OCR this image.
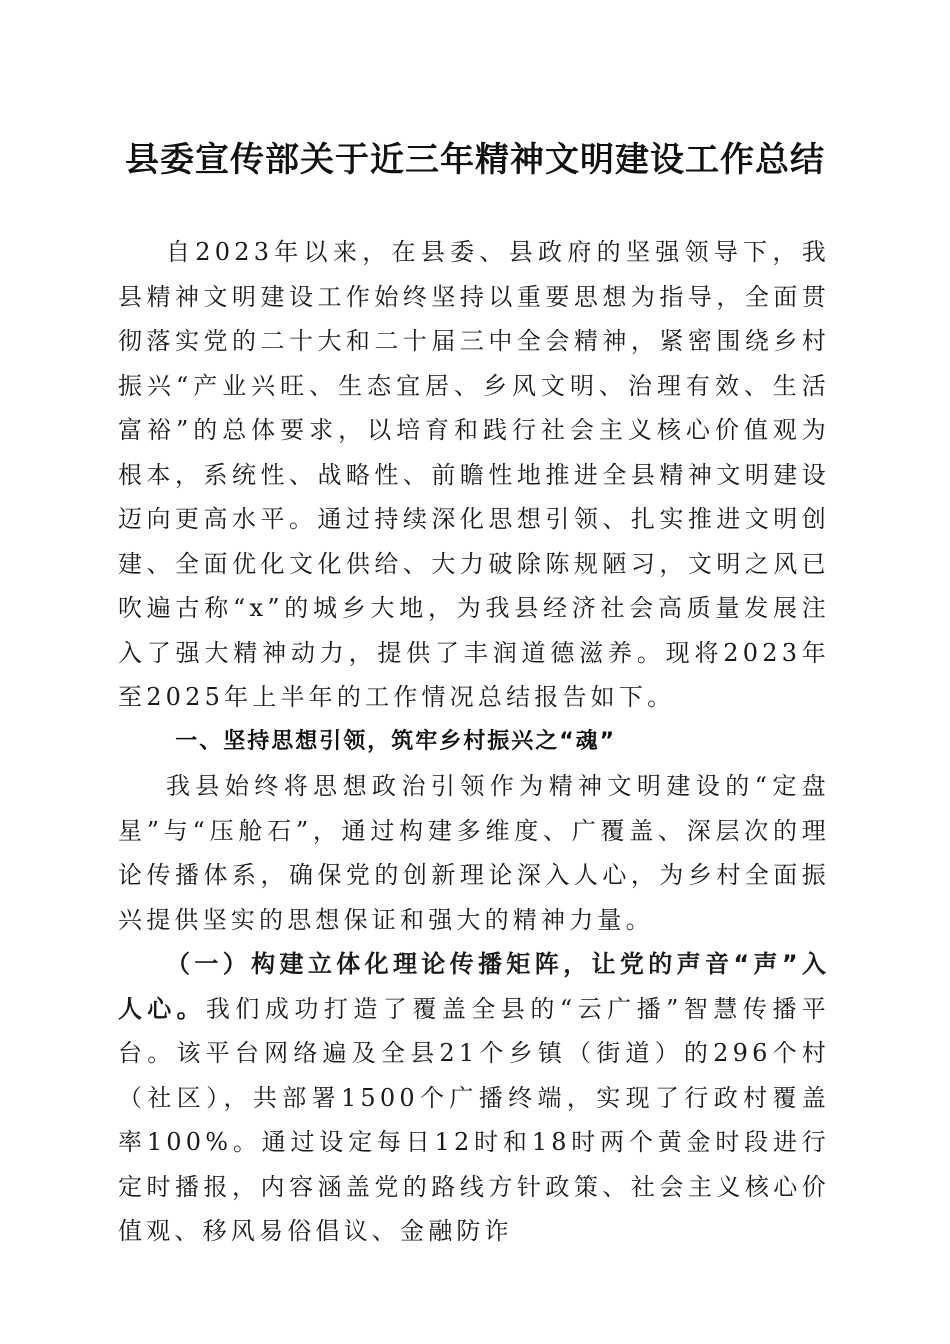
县委宣传部关于近三年精神文明建设工作总结

自2023年以来，在县委、县政府的坚强领导下，我县精神文明建设工作始终坚持以重要思想为指导，全面贯彻落实党的二十大和二十届三中全会精神，紧密围绕乡村振兴“产业兴旺、生态宜居、乡风文明、治理有效、生活富裕”的总体要求，以培育和践行社会主义核心价值观为根本，系统性、战略性、前瞻性地推进全县精神文明建设迈向更高水平。通过持续深化思想引领、扎实推进文明创建、全面优化文化供给、大力破除陈规陋习，文明之风已吹遍古称“x”的城乡大地，为我县经济社会高质量发展注入了强大精神动力，提供了丰润道德滋养。现将2023年至2025年上半年的工作情况总结报告如下。

一、坚持思想引领，筑牢乡村振兴之“魂”

我县始终将思想政治引领作为精神文明建设的“定盘星”与“压舱石”，通过构建多维度、广覆盖、深层次的理论传播体系，确保党的创新理论深入人心，为乡村全面振兴提供坚实的思想保证和强大的精神力量。

（一）构建立体化理论传播矩阵，让党的声音“声”入人心。我们成功打造了覆盖全县的“云广播”智慧传播平台。该平台网络遍及全县21个乡镇（街道）的296个村（社区），共部署1500个广播终端，实现了行政村覆盖率100%。通过设定每日12时和18时两个黄金时段进行定时播报，内容涵盖党的路线方针政策、社会主义核心价值观、移风易俗倡议、金融防诈
